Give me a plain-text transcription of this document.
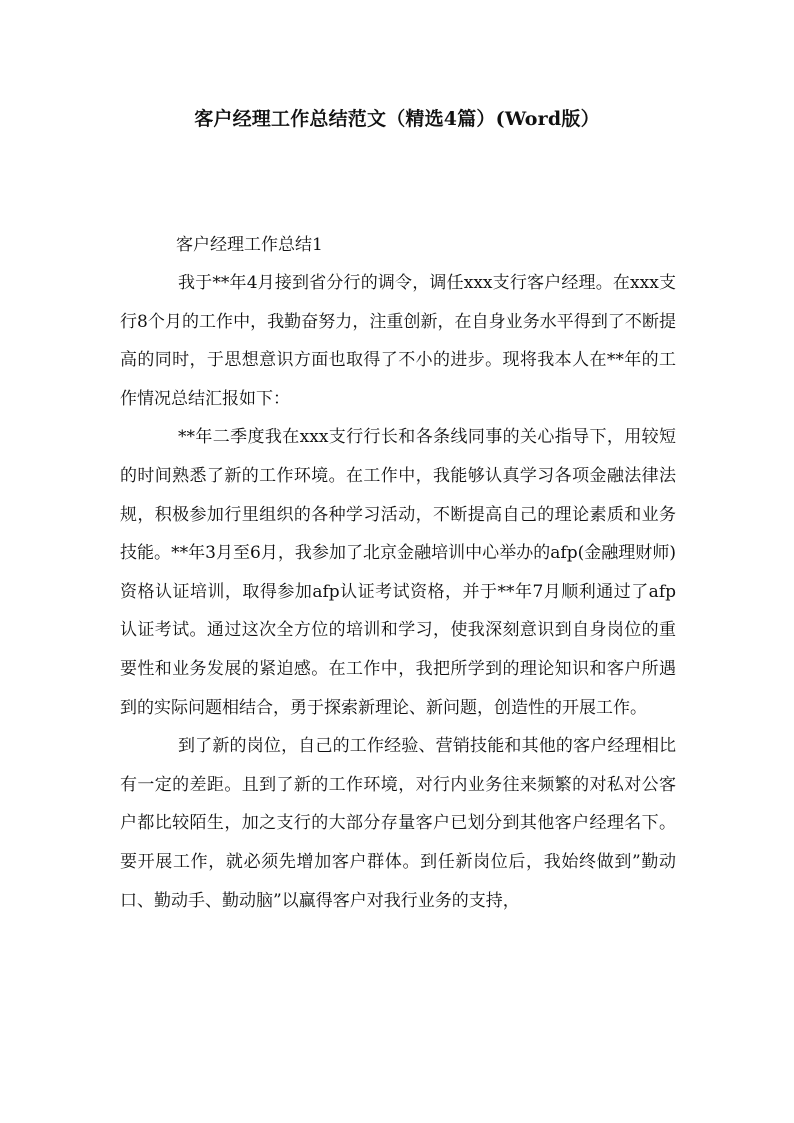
客户经理工作总结范文（精选4篇）(Word版）

客户经理工作总结1

我于**年4月接到省分行的调令，调任xxx支行客户经理。在xxx支行8个月的工作中，我勤奋努力，注重创新，在自身业务水平得到了不断提高的同时，于思想意识方面也取得了不小的进步。现将我本人在**年的工作情况总结汇报如下：

**年二季度我在xxx支行行长和各条线同事的关心指导下，用较短的时间熟悉了新的工作环境。在工作中，我能够认真学习各项金融法律法规，积极参加行里组织的各种学习活动，不断提高自己的理论素质和业务技能。**年3月至6月，我参加了北京金融培训中心举办的afp(金融理财师)资格认证培训，取得参加afp认证考试资格，并于**年7月顺利通过了afp认证考试。通过这次全方位的培训和学习，使我深刻意识到自身岗位的重要性和业务发展的紧迫感。在工作中，我把所学到的理论知识和客户所遇到的实际问题相结合，勇于探索新理论、新问题，创造性的开展工作。

到了新的岗位，自己的工作经验、营销技能和其他的客户经理相比有一定的差距。且到了新的工作环境，对行内业务往来频繁的对私对公客户都比较陌生，加之支行的大部分存量客户已划分到其他客户经理名下。要开展工作，就必须先增加客户群体。到任新岗位后，我始终做到”勤动口、勤动手、勤动脑”以赢得客户对我行业务的支持，
